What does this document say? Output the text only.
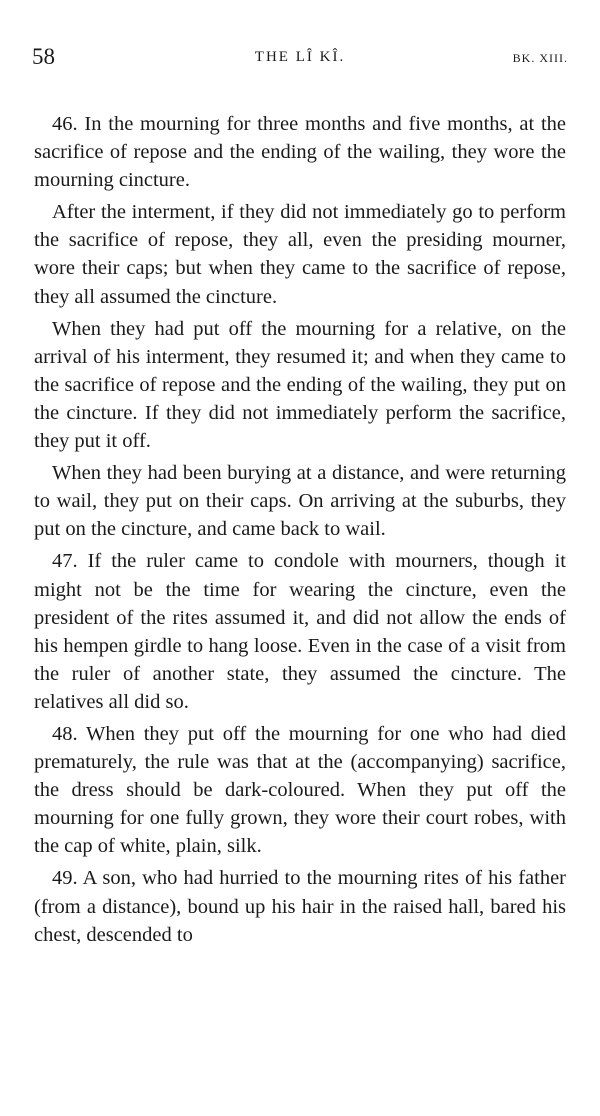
58	THE LÎ KÎ.	BK. XIII.

46. In the mourning for three months and five months, at the sacrifice of repose and the ending of the wailing, they wore the mourning cincture.

After the interment, if they did not immediately go to perform the sacrifice of repose, they all, even the presiding mourner, wore their caps; but when they came to the sacrifice of repose, they all assumed the cincture.

When they had put off the mourning for a relative, on the arrival of his interment, they resumed it; and when they came to the sacrifice of repose and the ending of the wailing, they put on the cincture. If they did not immediately perform the sacrifice, they put it off.

When they had been burying at a distance, and were returning to wail, they put on their caps. On arriving at the suburbs, they put on the cincture, and came back to wail.

47. If the ruler came to condole with mourners, though it might not be the time for wearing the cincture, even the president of the rites assumed it, and did not allow the ends of his hempen girdle to hang loose. Even in the case of a visit from the ruler of another state, they assumed the cincture. The relatives all did so.

48. When they put off the mourning for one who had died prematurely, the rule was that at the (accompanying) sacrifice, the dress should be dark-coloured. When they put off the mourning for one fully grown, they wore their court robes, with the cap of white, plain, silk.

49. A son, who had hurried to the mourning rites of his father (from a distance), bound up his hair in the raised hall, bared his chest, descended to
